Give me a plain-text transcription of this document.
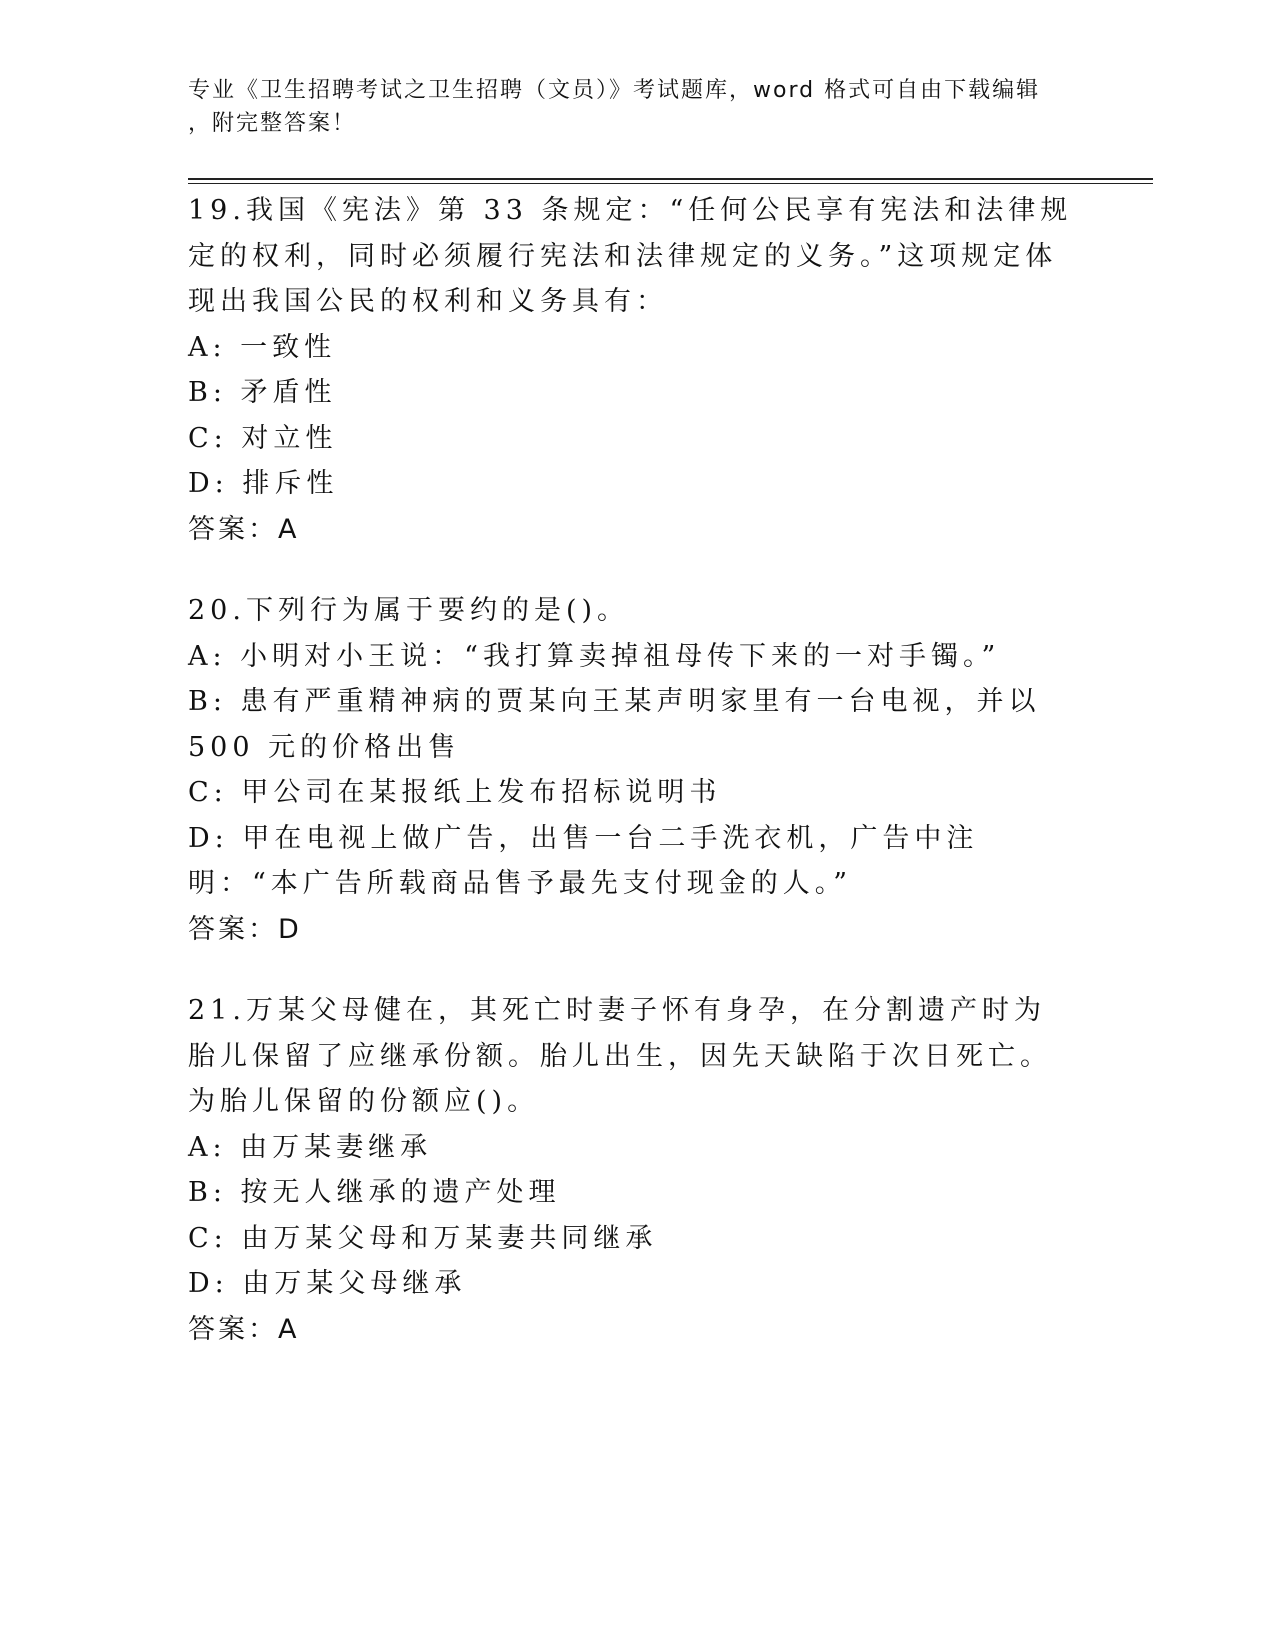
专业《卫生招聘考试之卫生招聘（文员）》考试题库，word 格式可自由下载编辑
，附完整答案！
19.我国《宪法》第 33 条规定：“任何公民享有宪法和法律规定的权利，同时必须履行宪法和法律规定的义务。”这项规定体现出我国公民的权利和义务具有：
A: 一致性
B: 矛盾性
C: 对立性
D: 排斥性
答案：A
20.下列行为属于要约的是()。
A: 小明对小王说：“我打算卖掉祖母传下来的一对手镯。”
B: 患有严重精神病的贾某向王某声明家里有一台电视，并以 500 元的价格出售
C: 甲公司在某报纸上发布招标说明书
D: 甲在电视上做广告，出售一台二手洗衣机，广告中注明：“本广告所载商品售予最先支付现金的人。”
答案：D
21.万某父母健在，其死亡时妻子怀有身孕，在分割遗产时为胎儿保留了应继承份额。胎儿出生，因先天缺陷于次日死亡。为胎儿保留的份额应()。
A: 由万某妻继承
B: 按无人继承的遗产处理
C: 由万某父母和万某妻共同继承
D: 由万某父母继承
答案：A
